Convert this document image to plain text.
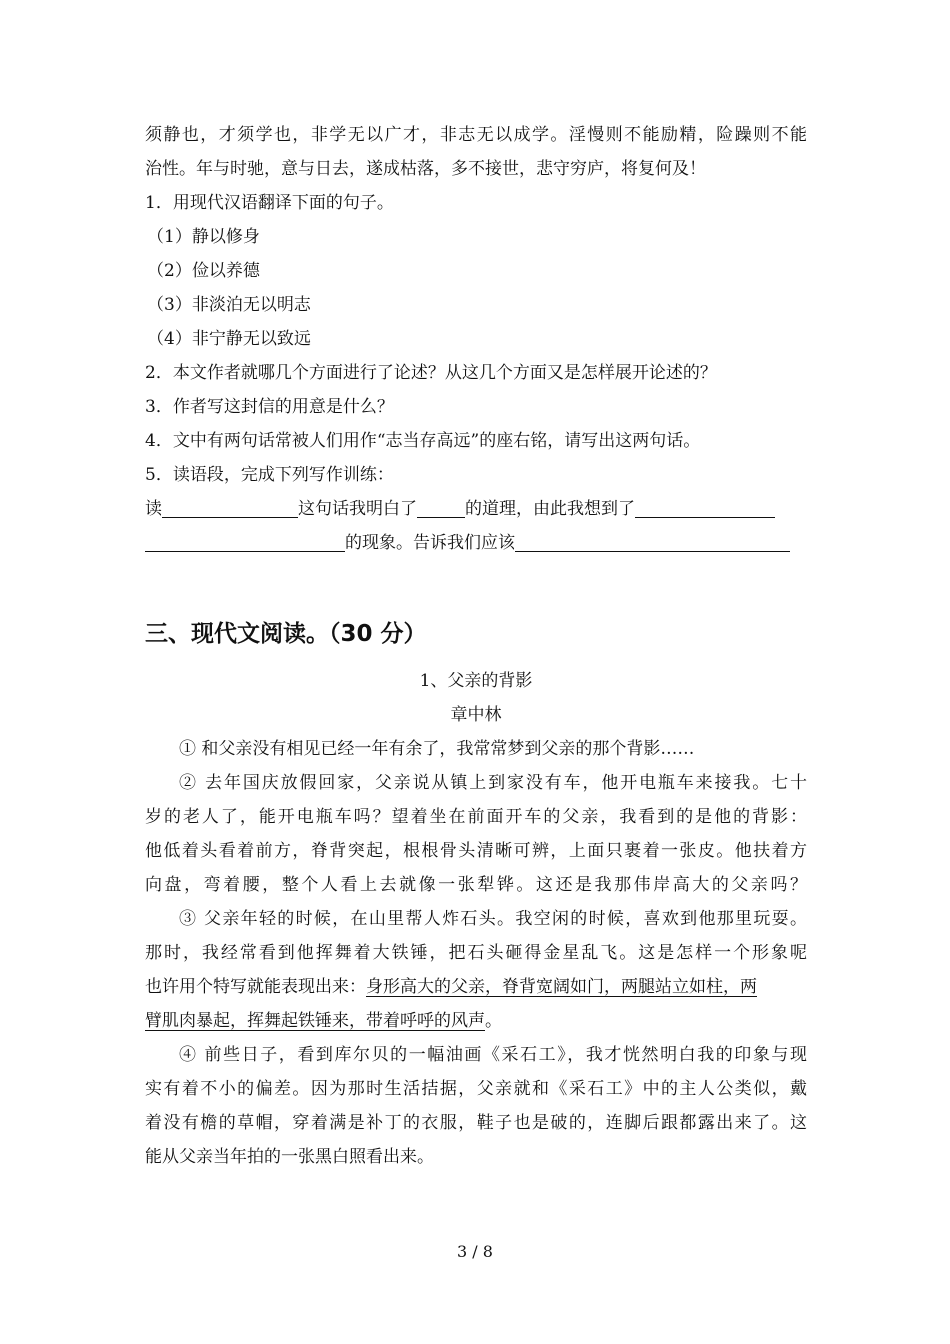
须静也，才须学也，非学无以广才，非志无以成学。淫慢则不能励精，险躁则不能
治性。年与时驰，意与日去，遂成枯落，多不接世，悲守穷庐，将复何及！
1．用现代汉语翻译下面的句子。
（1）静以修身
（2）俭以养德
（3）非淡泊无以明志
（4）非宁静无以致远
2．本文作者就哪几个方面进行了论述？从这几个方面又是怎样展开论述的？
3．作者写这封信的用意是什么？
4．文中有两句话常被人们用作“志当存高远”的座右铭，请写出这两句话。
5．读语段，完成下列写作训练：
读	这句话我明白了	的道理，由此我想到了
的现象。告诉我们应该
三、现代文阅读。（30 分）
1、父亲的背影
章中林
① 和父亲没有相见已经一年有余了，我常常梦到父亲的那个背影……
② 去年国庆放假回家，父亲说从镇上到家没有车，他开电瓶车来接我。七十
岁的老人了，能开电瓶车吗？望着坐在前面开车的父亲，我看到的是他的背影：
他低着头看着前方，脊背突起，根根骨头清晰可辨，上面只裹着一张皮。他扶着方
向盘，弯着腰，整个人看上去就像一张犁铧。这还是我那伟岸高大的父亲吗？
③ 父亲年轻的时候，在山里帮人炸石头。我空闲的时候，喜欢到他那里玩耍。
那时，我经常看到他挥舞着大铁锤，把石头砸得金星乱飞。这是怎样一个形象呢
也许用个特写就能表现出来：身形高大的父亲，脊背宽阔如门，两腿站立如柱，两
臂肌肉暴起，挥舞起铁锤来，带着呼呼的风声。
④ 前些日子，看到库尔贝的一幅油画《采石工》，我才恍然明白我的印象与现
实有着不小的偏差。因为那时生活拮据，父亲就和《采石工》中的主人公类似，戴
着没有檐的草帽，穿着满是补丁的衣服，鞋子也是破的，连脚后跟都露出来了。这
能从父亲当年拍的一张黑白照看出来。
3 / 8
